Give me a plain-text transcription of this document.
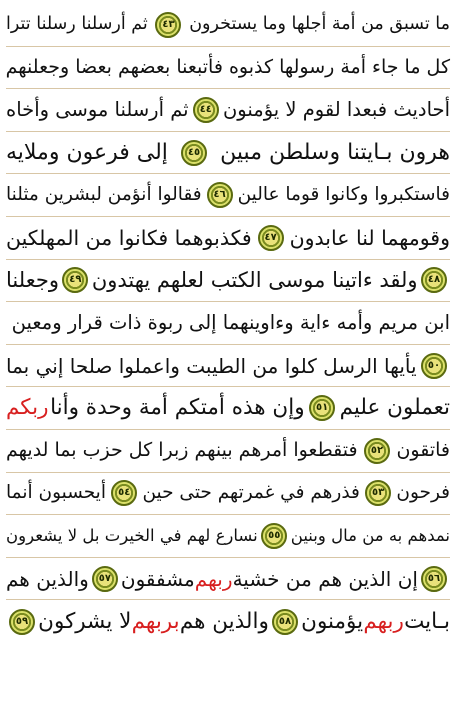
ما تسبق من أمة أجلها وما يستخرون
٤٣
ثم أرسلنا رسلنا تترا
كل ما جاء أمة رسولها كذبوه فأتبعنا بعضهم بعضا وجعلنهم
أحاديث فبعدا لقوم لا يؤمنون
٤٤
ثم أرسلنا موسى وأخاه
هرون بـايتنا وسلطن مبين
٤٥
إلى فرعون وملايه
فاستكبروا وكانوا قوما عالين
٤٦
فقالوا أنؤمن لبشرين مثلنا
وقومهما لنا عابدون
٤٧
فكذبوهما فكانوا من المهلكين
٤٨
ولقد ءاتينا موسى الكتب لعلهم يهتدون
٤٩
وجعلنا
ابن مريم وأمه ءاية وءاوينهما إلى ربوة ذات قرار ومعين
٥٠
يأيها الرسل كلوا من الطيبت واعملوا صلحا إني بما
تعملون عليم
٥١
وإن هذه أمتكم أمة وحدة وأنا
ربكم
فاتقون
٥٢
فتقطعوا أمرهم بينهم زبرا كل حزب بما لديهم
فرحون
٥٣
فذرهم في غمرتهم حتى حين
٥٤
أيحسبون أنما
نمدهم به من مال وبنين
٥٥
نسارع لهم في الخيرت بل لا يشعرون
٥٦
إن الذين هم من خشية
ربهم
مشفقون
٥٧
والذين هم
بـايت
ربهم
يؤمنون
٥٨
والذين هم
بربهم
لا يشركون
٥٩
